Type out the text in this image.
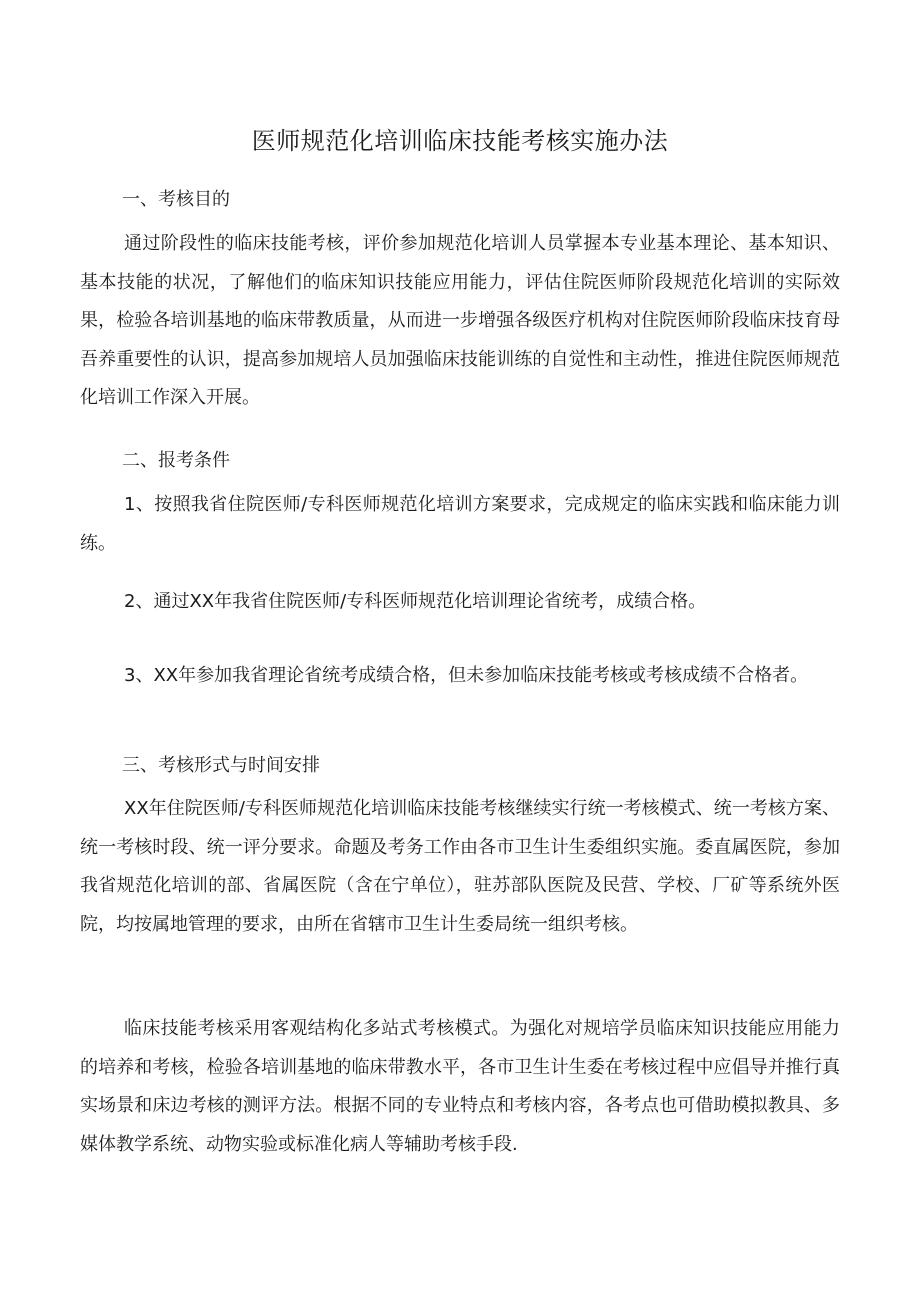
医师规范化培训临床技能考核实施办法

一、考核目的

通过阶段性的临床技能考核，评价参加规范化培训人员掌握本专业基本理论、基本知识、基本技能的状况，了解他们的临床知识技能应用能力，评估住院医师阶段规范化培训的实际效果，检验各培训基地的临床带教质量，从而进一步增强各级医疗机构对住院医师阶段临床技育母吾养重要性的认识，提高参加规培人员加强临床技能训练的自觉性和主动性，推进住院医师规范化培训工作深入开展。

二、报考条件

1、按照我省住院医师/专科医师规范化培训方案要求，完成规定的临床实践和临床能力训练。

2、通过XX年我省住院医师/专科医师规范化培训理论省统考，成绩合格。

3、XX年参加我省理论省统考成绩合格，但未参加临床技能考核或考核成绩不合格者。

三、考核形式与时间安排

XX年住院医师/专科医师规范化培训临床技能考核继续实行统一考核模式、统一考核方案、统一考核时段、统一评分要求。命题及考务工作由各市卫生计生委组织实施。委直属医院，参加我省规范化培训的部、省属医院（含在宁单位），驻苏部队医院及民营、学校、厂矿等系统外医院，均按属地管理的要求，由所在省辖市卫生计生委局统一组织考核。

临床技能考核采用客观结构化多站式考核模式。为强化对规培学员临床知识技能应用能力的培养和考核，检验各培训基地的临床带教水平，各市卫生计生委在考核过程中应倡导并推行真实场景和床边考核的测评方法。根据不同的专业特点和考核内容，各考点也可借助模拟教具、多媒体教学系统、动物实验或标准化病人等辅助考核手段.
